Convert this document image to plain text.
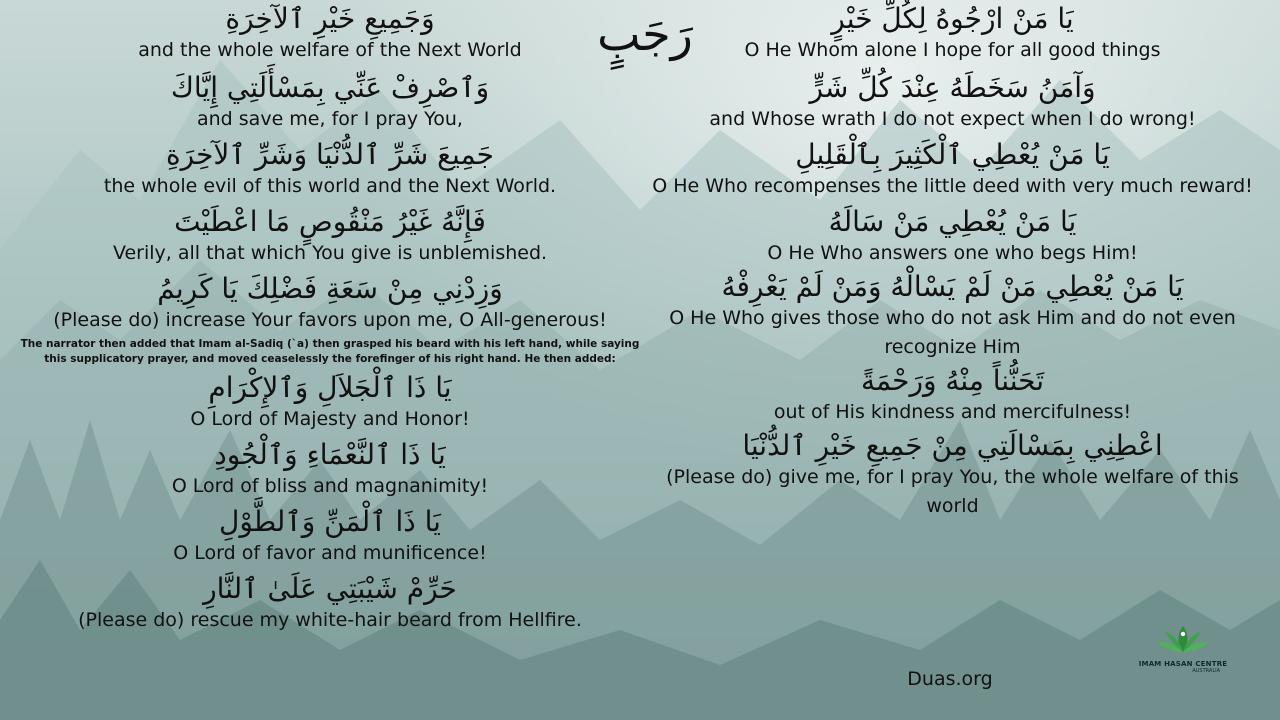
رَجَبٍ
وَجَمِيعِ خَيْرِ ٱلآخِرَةِ
and the whole welfare of the Next World
وَٱصْرِفْ عَنِّي بِمَسْأَلَتِي إِيَّاكَ
and save me, for I pray You,
جَمِيعَ شَرِّ ٱلدُّنْيَا وَشَرِّ ٱلآخِرَةِ
the whole evil of this world and the Next World.
فَإِنَّهُ غَيْرُ مَنْقُوصٍ مَا اعْطَيْتَ
Verily, all that which You give is unblemished.
وَزِدْنِي مِنْ سَعَةِ فَضْلِكَ يَا كَرِيمُ
(Please do) increase Your favors upon me, O All-generous!
The narrator then added that Imam al-Sadiq (`a) then grasped his beard with his left hand, while saying this supplicatory prayer, and moved ceaselessly the forefinger of his right hand. He then added:
يَا ذَا ٱلْجَلاَلِ وَٱلإِكْرَامِ
O Lord of Majesty and Honor!
يَا ذَا ٱلنَّعْمَاءِ وَٱلْجُودِ
O Lord of bliss and magnanimity!
يَا ذَا ٱلْمَنِّ وَٱلطَّوْلِ
O Lord of favor and munificence!
حَرِّمْ شَيْبَتِي عَلَىٰ ٱلنَّارِ
(Please do) rescue my white-hair beard from Hellfire.
يَا مَنْ ارْجُوهُ لِكُلِّ خَيْرٍ
O He Whom alone I hope for all good things
وَآمَنُ سَخَطَهُ عِنْدَ كُلِّ شَرٍّ
and Whose wrath I do not expect when I do wrong!
يَا مَنْ يُعْطِي ٱلْكَثِيرَ بِٱلْقَلِيلِ
O He Who recompenses the little deed with very much reward!
يَا مَنْ يُعْطِي مَنْ سَالَهُ
O He Who answers one who begs Him!
يَا مَنْ يُعْطِي مَنْ لَمْ يَسْالْهُ وَمَنْ لَمْ يَعْرِفْهُ
O He Who gives those who do not ask Him and do not even recognize Him
تَحَنُّناً مِنْهُ وَرَحْمَةً
out of His kindness and mercifulness!
اعْطِنِي بِمَسْالَتِي مِنْ جَمِيعِ خَيْرِ ٱلدُّنْيَا
(Please do) give me, for I pray You, the whole welfare of this world
Duas.org
IMAM HASAN CENTRE
AUSTRALIA
